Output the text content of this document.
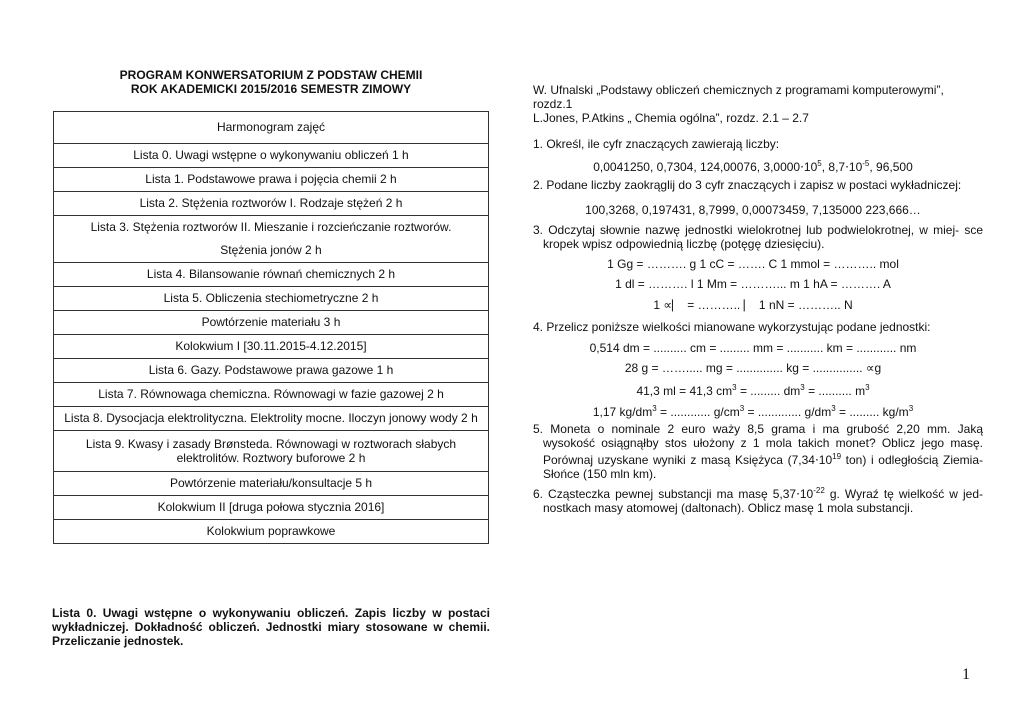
PROGRAM KONWERSATORIUM Z PODSTAW CHEMII
ROK AKADEMICKI 2015/2016 SEMESTR ZIMOWY
Harmonogram zajęć
Lista 0. Uwagi wstępne o wykonywaniu obliczeń 1 h
Lista 1. Podstawowe prawa i pojęcia chemii 2 h
Lista 2. Stężenia roztworów I. Rodzaje stężeń 2 h

Lista 3. Stężenia roztworów II. Mieszanie i rozcieńczanie roztworów.
Stężenia jonów 2 h

Lista 4. Bilansowanie równań chemicznych 2 h
Lista 5. Obliczenia stechiometryczne 2 h
Powtórzenie materiału 3 h
Kolokwium I [30.11.2015-4.12.2015]
Lista 6. Gazy. Podstawowe prawa gazowe 1 h
Lista 7. Równowaga chemiczna. Równowagi w fazie gazowej 2 h
Lista 8. Dysocjacja elektrolityczna. Elektrolity mocne. Iloczyn jonowy wody 2 h

Lista 9. Kwasy i zasady Brønsteda. Równowagi w roztworach słabych
elektrolitów. Roztwory buforowe 2 h

Powtórzenie materiału/konsultacje 5 h
Kolokwium II [druga połowa stycznia 2016]
Kolokwium poprawkowe
Lista 0. Uwagi wstępne o wykonywaniu obliczeń. Zapis liczby w postaci wykładniczej. Dokładność obliczeń. Jednostki miary stosowane w chemii. Przeliczanie jednostek.
1
W. Ufnalski „Podstawy obliczeń chemicznych z programami komputerowymi”,
rozdz.1
L.Jones, P.Atkins „ Chemia ogólna”, rozdz. 2.1 – 2.7
1. Określ, ile cyfr znaczących zawierają liczby:
0,0041250, 0,7304, 124,00076, $3,0000\cdot 10^5$, $8,7\cdot 10^{-5}$, 96,500
2. Podane liczby zaokrąglij do 3 cyfr znaczących i zapisz w postaci wykładniczej:
100,3268, 0,197431, 8,7999, 0,00073459, 7,135000 223,666…
3. Odczytaj słownie nazwę jednostki wielokrotnej lub podwielokrotnej, w miej- sce kropek wpisz odpowiednią liczbę (potęgę dziesięciu).
1 Gg = ………. g 1 cC = ……. C 1 mmol = ……….. mol
1 dl = ………. l 1 Mm = ………... m 1 hA = ………. A
1 ∝⎸ = ……….. ⎸ 1 nN = ……….. N
4. Przelicz poniższe wielkości mianowane wykorzystując podane jednostki:
0,514 dm = .......... cm = ......... mm = ........... km = ............ nm
28 g = ……..... mg = .............. kg = ............... ∝g
41,3 ml = 41,3 $cm^3$ = ......... $dm^3$ = .......... $m^3$
1,17 $kg/dm^3$ = ............ $g/cm^3$ = ............. $g/dm^3$ = ......... $kg/m^3$
5. Moneta o nominale 2 euro waży 8,5 grama i ma grubość 2,20 mm. Jaką wysokość osiągnąłby stos ułożony z 1 mola takich monet? Oblicz jego masę. Porównaj uzyskane wyniki z masą Księżyca ($7,34\cdot 10^{19}$ ton) i odległością Ziemia-Słońce (150 mln km).
6. Cząsteczka pewnej substancji ma masę $5,37\cdot 10^{-22}$ g. Wyraź tę wielkość w jed- nostkach masy atomowej (daltonach). Oblicz masę 1 mola substancji.
